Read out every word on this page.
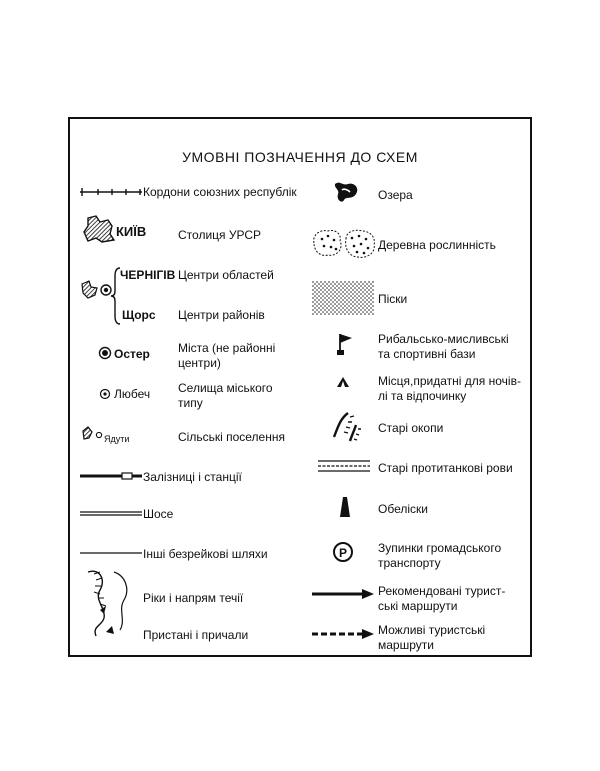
УМОВНІ ПОЗНАЧЕННЯ ДО СХЕМ
Кордони союзних республік
КИЇВ	Столиця УРСР
ЧЕРНІГІВ Центри областей
Щорс Центри районів
Остер Міста (не районні
центри)
Любеч Селища міського
типу
Ядути	Сільські поселення
Залізниці і станції
Шосе
Інші безрейкові шляхи
Ріки і напрям течії
Пристані і причали
Озера
Деревна рослинність
Піски
Рибальсько-мисливські
та спортивні бази
Місця,придатні для ночів-
лі та відпочинку
Старі окопи
Старі протитанкові рови
Обеліски
P	Зупинки громадського
транспорту
Рекомендовані турист-
ські маршрути
Можливі туристські
маршрути
